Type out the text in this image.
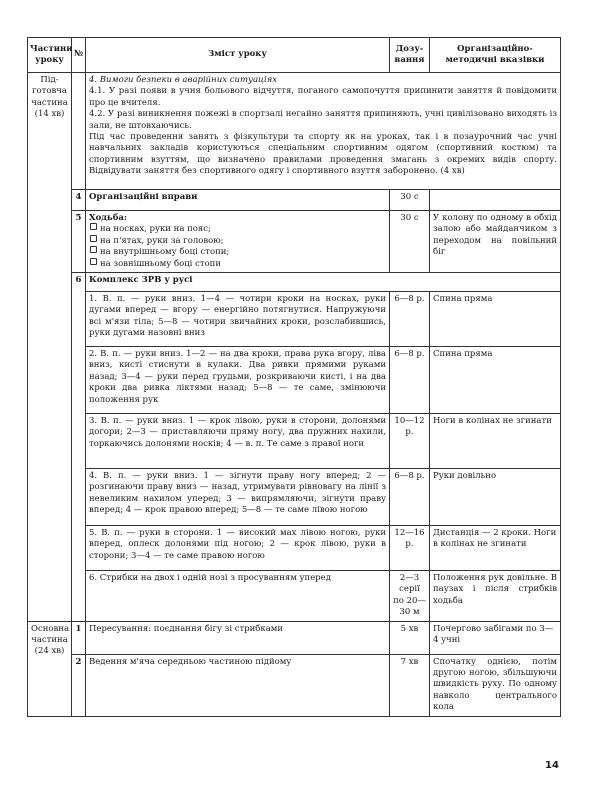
Частини уроку	№	Зміст уроку	Дозу-вання	Організаційно-методичні вказівки
Під-готовча частина (14 хв)		4. Вимоги безпеки в аварійних ситуаціях
4.1. У разі появи в учня больового відчуття, поганого самопочуття припинити заняття й повідомити про це вчителя.
4.2. У разі виникнення пожежі в спортзалі негайно заняття припиняють, учні цивілізовано виходять із зали, не штовхаючись.
Під час проведення занять з фізкультури та спорту як на уроках, так і в позаурочний час учні навчальних закладів користуються спеціальним спортивним одягом (спортивний костюм) та спортивним взуттям, що визначено правилами проведення змагань з окремих видів спорту. Відвідувати заняття без спортивного одягу і спортивного взуття заборонено. (4 хв)		

	4	Організаційні вправи	30 с	
	5	Ходьба:
на носках, руки на пояс;
на п'ятах, руки за головою;
на внутрішньому боці стопи;
на зовнішньому боці стопи	30 с	У колону по одному в обхід залою або майданчиком з переходом на повільний біг
	6	Комплекс ЗРВ у русі		
		1. В. п. — руки вниз. 1—4 — чотири кроки на носках, руки дугами вперед — вгору — енергійно потягнутися. Напружуючи всі м'язи тіла; 5—8 — чотири звичайних кроки, розслабившись, руки дугами назовні вниз	6—8 р.	Спина пряма
		2. В. п. — руки вниз. 1—2 — на два кроки, права рука вгору, ліва вниз, кисті стиснути в кулаки. Два ривки прямими руками назад; 3—4 — руки перед грудьми, розкриваючи кисті, і на два кроки два ривка ліктями назад; 5—8 — те саме, змінюючи положення рук	6—8 р.	Спина пряма
		3. В. п. — руки вниз. 1 — крок лівою, руки в сторони, долонями догори; 2—3 — приставляючи пряму ногу, два пружних нахили, торкаючись долонями носків; 4 — в. п. Те саме з правої ноги	10—12 р.	Ноги в колінах не згинати
		4. В. п. — руки вниз. 1 — зігнути праву ногу вперед; 2 — розгинаючи праву вниз — назад, утримувати рівновагу на лінії з невеликим нахилом уперед; 3 — випрямляючи, зігнути праву вперед; 4 — крок правою вперед; 5—8 — те саме лівою ногою	6—8 р.	Руки довільно
		5. В. п. — руки в сторони. 1 — високий мах лівою ногою, руки вперед, оплеск долонями під ногою; 2 — крок лівою, руки в сторони; 3—4 — те саме правою ногою	12—16 р.	Дистанція — 2 кроки. Ноги в колінах не згинати
		6. Стрибки на двох і одній нозі з просуванням уперед	2—3 серії по 20— 30 м	Положення рук довільне. В паузах і після стрибків ходьба
Основна частина (24 хв)	1	Пересування: поєднання бігу зі стрибками	5 хв	Почергово забігами по 3—4 учні
	2	Ведення м'яча середньою частиною підйому	7 хв	Спочатку однією, потім другою ногою, збільшуючи швидкість руху. По одному навколо центрального кола
14
